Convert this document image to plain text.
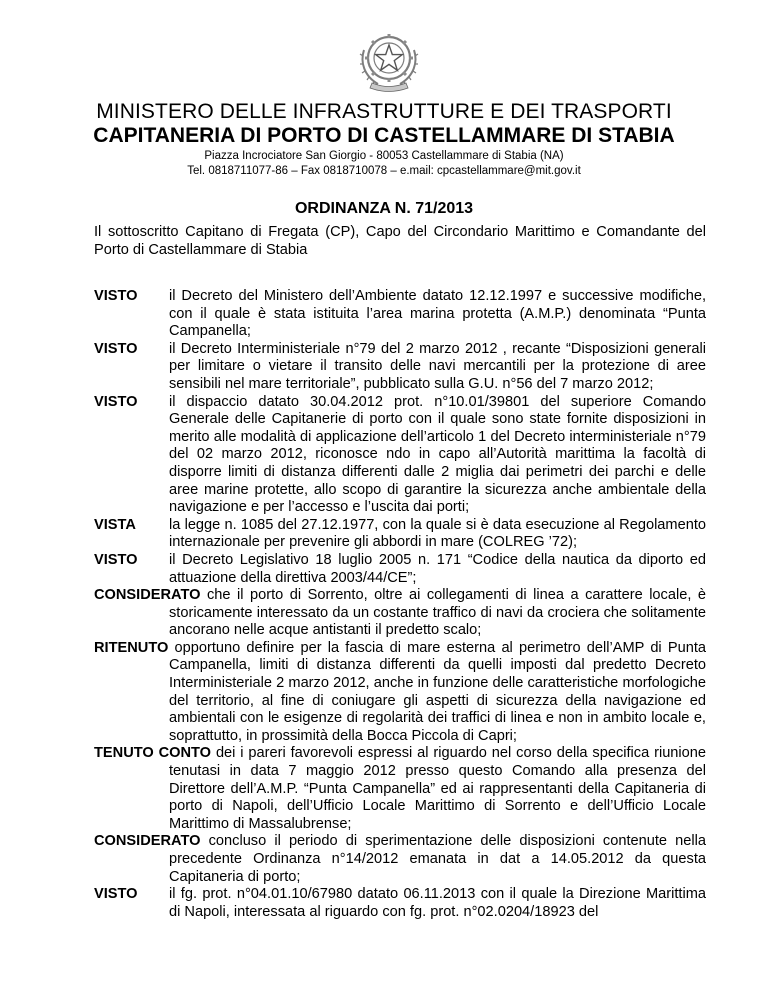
MINISTERO DELLE INFRASTRUTTURE E DEI TRASPORTI
CAPITANERIA DI PORTO DI CASTELLAMMARE DI STABIA
Piazza Incrociatore San Giorgio - 80053 Castellammare di Stabia (NA)
Tel. 0818711077-86 – Fax 0818710078 – e.mail: cpcastellammare@mit.gov.it
ORDINANZA N. 71/2013
Il sottoscritto Capitano di Fregata (CP), Capo del Circondario Marittimo e Comandante del Porto di Castellammare di Stabia
VISTO il Decreto del Ministero dell’Ambiente datato 12.12.1997 e successive modifiche, con il quale è stata istituita l’area marina protetta (A.M.P.) denominata “Punta Campanella;
VISTO il Decreto Interministeriale n°79 del 2 marzo 2012 , recante “Disposizioni generali per limitare o vietare il transito delle navi mercantili per la protezione di aree sensibili nel mare territoriale”, pubblicato sulla G.U. n°56 del 7 marzo 2012;
VISTO il dispaccio datato 30.04.2012 prot. n°10.01/39801 del superiore Comando Generale delle Capitanerie di porto con il quale sono state fornite disposizioni in merito alle modalità di applicazione dell’articolo 1 del Decreto interministeriale n°79 del 02 marzo 2012, riconosce ndo in capo all’Autorità marittima la facoltà di disporre limiti di distanza differenti dalle 2 miglia dai perimetri dei parchi e delle aree marine protette, allo scopo di garantire la sicurezza anche ambientale della navigazione e per l’accesso e l’uscita dai porti;
VISTA la legge n. 1085 del 27.12.1977, con la quale si è data esecuzione al Regolamento internazionale per prevenire gli abbordi in mare (COLREG ’72);
VISTO il Decreto Legislativo 18 luglio 2005 n. 171 “Codice della nautica da diporto ed attuazione della direttiva 2003/44/CE”;
CONSIDERATO che il porto di Sorrento, oltre ai collegamenti di linea a carattere locale, è storicamente interessato da un costante traffico di navi da crociera che solitamente ancorano nelle acque antistanti il predetto scalo;
RITENUTO opportuno definire per la fascia di mare esterna al perimetro dell’AMP di Punta Campanella, limiti di distanza differenti da quelli imposti dal predetto Decreto Interministeriale 2 marzo 2012, anche in funzione delle caratteristiche morfologiche del territorio, al fine di coniugare gli aspetti di sicurezza della navigazione ed ambientali con le esigenze di regolarità dei traffici di linea e non in ambito locale e, soprattutto, in prossimità della Bocca Piccola di Capri;
TENUTO CONTO dei i pareri favorevoli espressi al riguardo nel corso della specifica riunione tenutasi in data 7 maggio 2012 presso questo Comando alla presenza del Direttore dell’A.M.P. “Punta Campanella” ed ai rappresentanti della Capitaneria di porto di Napoli, dell’Ufficio Locale Marittimo di Sorrento e dell’Ufficio Locale Marittimo di Massalubrense;
CONSIDERATO concluso il periodo di sperimentazione delle disposizioni contenute nella precedente Ordinanza n°14/2012 emanata in dat a 14.05.2012 da questa Capitaneria di porto;
VISTO il fg. prot. n°04.01.10/67980 datato 06.11.2013 con il quale la Direzione Marittima di Napoli, interessata al riguardo con fg. prot. n°02.0204/18923 del
